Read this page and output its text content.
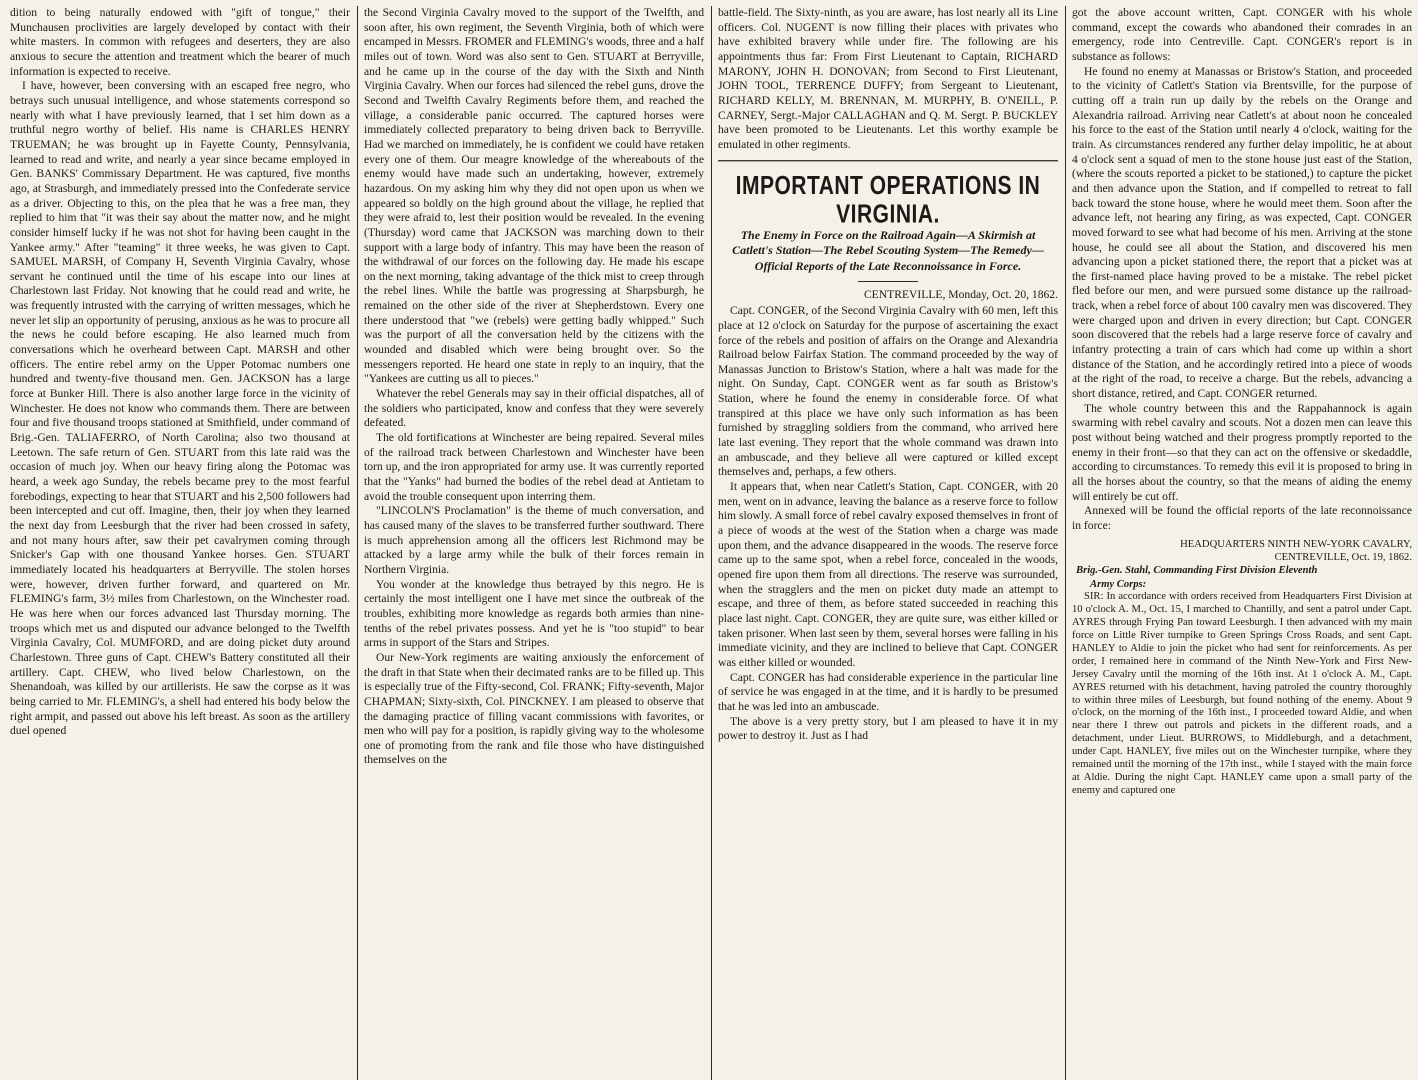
dition to being naturally endowed with "gift of tongue," their Munchausen proclivities are largely developed by contact with their white masters. In common with refugees and deserters, they are also anxious to secure the attention and treatment which the bearer of much information is expected to receive.

I have, however, been conversing with an escaped free negro, who betrays such unusual intelligence, and whose statements correspond so nearly with what I have previously learned, that I set him down as a truthful negro worthy of belief. His name is CHARLES HENRY TRUEMAN; he was brought up in Fayette County, Pennsylvania, learned to read and write, and nearly a year since became employed in Gen. BANKS' Commissary Department. He was captured, five months ago, at Strasburgh, and immediately pressed into the Confederate service as a driver. Objecting to this, on the plea that he was a free man, they replied to him that "it was their say about the matter now, and he might consider himself lucky if he was not shot for having been caught in the Yankee army." After "teaming" it three weeks, he was given to Capt. SAMUEL MARSH, of Company H, Seventh Virginia Cavalry, whose servant he continued until the time of his escape into our lines at Charlestown last Friday. Not knowing that he could read and write, he was frequently intrusted with the carrying of written messages, which he never let slip an opportunity of perusing, anxious as he was to procure all the news he could before escaping. He also learned much from conversations which he overheard between Capt. MARSH and other officers. The entire rebel army on the Upper Potomac numbers one hundred and twenty-five thousand men. Gen. JACKSON has a large force at Bunker Hill. There is also another large force in the vicinity of Winchester. He does not know who commands them. There are between four and five thousand troops stationed at Smithfield, under command of Brig.-Gen. TALIAFERRO, of North Carolina; also two thousand at Leetown. The safe return of Gen. STUART from this late raid was the occasion of much joy. When our heavy firing along the Potomac was heard, a week ago Sunday, the rebels became prey to the most fearful forebodings, expecting to hear that STUART and his 2,500 followers had been intercepted and cut off. Imagine, then, their joy when they learned the next day from Leesburgh that the river had been crossed in safety, and not many hours after, saw their pet cavalrymen coming through Snicker's Gap with one thousand Yankee horses. Gen. STUART immediately located his headquarters at Berryville. The stolen horses were, however, driven further forward, and quartered on Mr. FLEMING's farm, 3½ miles from Charlestown, on the Winchester road. He was here when our forces advanced last Thursday morning. The troops which met us and disputed our advance belonged to the Twelfth Virginia Cavalry, Col. MUMFORD, and are doing picket duty around Charlestown. Three guns of Capt. CHEW's Battery constituted all their artillery. Capt. CHEW, who lived below Charlestown, on the Shenandoah, was killed by our artillerists. He saw the corpse as it was being carried to Mr. FLEMING's, a shell had entered his body below the right armpit, and passed out above his left breast. As soon as the artillery duel opened

the Second Virginia Cavalry moved to the support of the Twelfth, and soon after, his own regiment, the Seventh Virginia, both of which were encamped in Messrs. FROMER and FLEMING's woods, three and a half miles out of town. Word was also sent to Gen. STUART at Berryville, and he came up in the course of the day with the Sixth and Ninth Virginia Cavalry. When our forces had silenced the rebel guns, drove the Second and Twelfth Cavalry Regiments before them, and reached the village, a considerable panic occurred. The captured horses were immediately collected preparatory to being driven back to Berryville. Had we marched on immediately, he is confident we could have retaken every one of them. Our meagre knowledge of the whereabouts of the enemy would have made such an undertaking, however, extremely hazardous. On my asking him why they did not open upon us when we appeared so boldly on the high ground about the village, he replied that they were afraid to, lest their position would be revealed. In the evening (Thursday) word came that JACKSON was marching down to their support with a large body of infantry. This may have been the reason of the withdrawal of our forces on the following day. He made his escape on the next morning, taking advantage of the thick mist to creep through the rebel lines. While the battle was progressing at Sharpsburgh, he remained on the other side of the river at Shepherdstown. Every one there understood that "we (rebels) were getting badly whipped." Such was the purport of all the conversation held by the citizens with the wounded and disabled which were being brought over. So the messengers reported. He heard one state in reply to an inquiry, that the "Yankees are cutting us all to pieces."

Whatever the rebel Generals may say in their official dispatches, all of the soldiers who participated, know and confess that they were severely defeated.

The old fortifications at Winchester are being repaired. Several miles of the railroad track between Charlestown and Winchester have been torn up, and the iron appropriated for army use. It was currently reported that the "Yanks" had burned the bodies of the rebel dead at Antietam to avoid the trouble consequent upon interring them.

"LINCOLN'S Proclamation" is the theme of much conversation, and has caused many of the slaves to be transferred further southward. There is much apprehension among all the officers lest Richmond may be attacked by a large army while the bulk of their forces remain in Northern Virginia.

You wonder at the knowledge thus betrayed by this negro. He is certainly the most intelligent one I have met since the outbreak of the troubles, exhibiting more knowledge as regards both armies than nine-tenths of the rebel privates possess. And yet he is "too stupid" to bear arms in support of the Stars and Stripes.

Our New-York regiments are waiting anxiously the enforcement of the draft in that State when their decimated ranks are to be filled up. This is especially true of the Fifty-second, Col. FRANK; Fifty-seventh, Major CHAPMAN; Sixty-sixth, Col. PINCKNEY. I am pleased to observe that the damaging practice of filling vacant commissions with favorites, or men who will pay for a position, is rapidly giving way to the wholesome one of promoting from the rank and file those who have distinguished themselves on the

battle-field. The Sixty-ninth, as you are aware, has lost nearly all its Line officers. Col. NUGENT is now filling their places with privates who have exhibited bravery while under fire. The following are his appointments thus far: From First Lieutenant to Captain, RICHARD MARONY, JOHN H. DONOVAN; from Second to First Lieutenant, JOHN TOOL, TERRENCE DUFFY; from Sergeant to Lieutenant, RICHARD KELLY, M. BRENNAN, M. MURPHY, B. O'NEILL, P. CARNEY, Sergt.-Major CALLAGHAN and Q. M. Sergt. P. BUCKLEY have been promoted to be Lieutenants. Let this worthy example be emulated in other regiments.

IMPORTANT OPERATIONS IN VIRGINIA.
The Enemy in Force on the Railroad Again—A Skirmish at Catlett's Station—The Rebel Scouting System—The Remedy—Official Reports of the Late Reconnoissance in Force.
CENTREVILLE, Monday, Oct. 20, 1862.

Capt. CONGER, of the Second Virginia Cavalry with 60 men, left this place at 12 o'clock on Saturday for the purpose of ascertaining the exact force of the rebels and position of affairs on the Orange and Alexandria Railroad below Fairfax Station. The command proceeded by the way of Manassas Junction to Bristow's Station, where a halt was made for the night. On Sunday, Capt. CONGER went as far south as Bristow's Station, where he found the enemy in considerable force. Of what transpired at this place we have only such information as has been furnished by straggling soldiers from the command, who arrived here late last evening. They report that the whole command was drawn into an ambuscade, and they believe all were captured or killed except themselves and, perhaps, a few others.

It appears that, when near Catlett's Station, Capt. CONGER, with 20 men, went on in advance, leaving the balance as a reserve force to follow him slowly. A small force of rebel cavalry exposed themselves in front of a piece of woods at the west of the Station when a charge was made upon them, and the advance disappeared in the woods. The reserve force came up to the same spot, when a rebel force, concealed in the woods, opened fire upon them from all directions. The reserve was surrounded, when the stragglers and the men on picket duty made an attempt to escape, and three of them, as before stated succeeded in reaching this place last night. Capt. CONGER, they are quite sure, was either killed or taken prisoner. When last seen by them, several horses were falling in his immediate vicinity, and they are inclined to believe that Capt. CONGER was either killed or wounded.

Capt. CONGER has had considerable experience in the particular line of service he was engaged in at the time, and it is hardly to be presumed that he was led into an ambuscade.

The above is a very pretty story, but I am pleased to have it in my power to destroy it. Just as I had

got the above account written, Capt. CONGER with his whole command, except the cowards who abandoned their comrades in an emergency, rode into Centreville. Capt. CONGER's report is in substance as follows:

He found no enemy at Manassas or Bristow's Station, and proceeded to the vicinity of Catlett's Station via Brentsville, for the purpose of cutting off a train run up daily by the rebels on the Orange and Alexandria railroad. Arriving near Catlett's at about noon he concealed his force to the east of the Station until nearly 4 o'clock, waiting for the train. As circumstances rendered any further delay impolitic, he at about 4 o'clock sent a squad of men to the stone house just east of the Station, (where the scouts reported a picket to be stationed,) to capture the picket and then advance upon the Station, and if compelled to retreat to fall back toward the stone house, where he would meet them. Soon after the advance left, not hearing any firing, as was expected, Capt. CONGER moved forward to see what had become of his men. Arriving at the stone house, he could see all about the Station, and discovered his men advancing upon a picket stationed there, the report that a picket was at the first-named place having proved to be a mistake. The rebel picket fled before our men, and were pursued some distance up the railroad-track, when a rebel force of about 100 cavalry men was discovered. They were charged upon and driven in every direction; but Capt. CONGER soon discovered that the rebels had a large reserve force of cavalry and infantry protecting a train of cars which had come up within a short distance of the Station, and he accordingly retired into a piece of woods at the right of the road, to receive a charge. But the rebels, advancing a short distance, retired, and Capt. CONGER returned.

The whole country between this and the Rappahannock is again swarming with rebel cavalry and scouts. Not a dozen men can leave this post without being watched and their progress promptly reported to the enemy in their front—so that they can act on the offensive or skedaddle, according to circumstances. To remedy this evil it is proposed to bring in all the horses about the country, so that the means of aiding the enemy will entirely be cut off.

Annexed will be found the official reports of the late reconnoissance in force:

HEADQUARTERS NINTH NEW-YORK CAVALRY,
CENTREVILLE, Oct. 19, 1862.
Brig.-Gen. Stahl, Commanding First Division Eleventh
Army Corps:

SIR: In accordance with orders received from Headquarters First Division at 10 o'clock A. M., Oct. 15, I marched to Chantilly, and sent a patrol under Capt. AYRES through Frying Pan toward Leesburgh. I then advanced with my main force on Little River turnpike to Green Springs Cross Roads, and sent Capt. HANLEY to Aldie to join the picket who had sent for reinforcements. As per order, I remained here in command of the Ninth New-York and First New-Jersey Cavalry until the morning of the 16th inst. At 1 o'clock A. M., Capt. AYRES returned with his detachment, having patroled the country thoroughly to within three miles of Leesburgh, but found nothing of the enemy. About 9 o'clock, on the morning of the 16th inst., I proceeded toward Aldie, and when near there I threw out patrols and pickets in the different roads, and a detachment, under Lieut. BURROWS, to Middleburgh, and a detachment, under Capt. HANLEY, five miles out on the Winchester turnpike, where they remained until the morning of the 17th inst., while I stayed with the main force at Aldie. During the night Capt. HANLEY came upon a small party of the enemy and captured one
